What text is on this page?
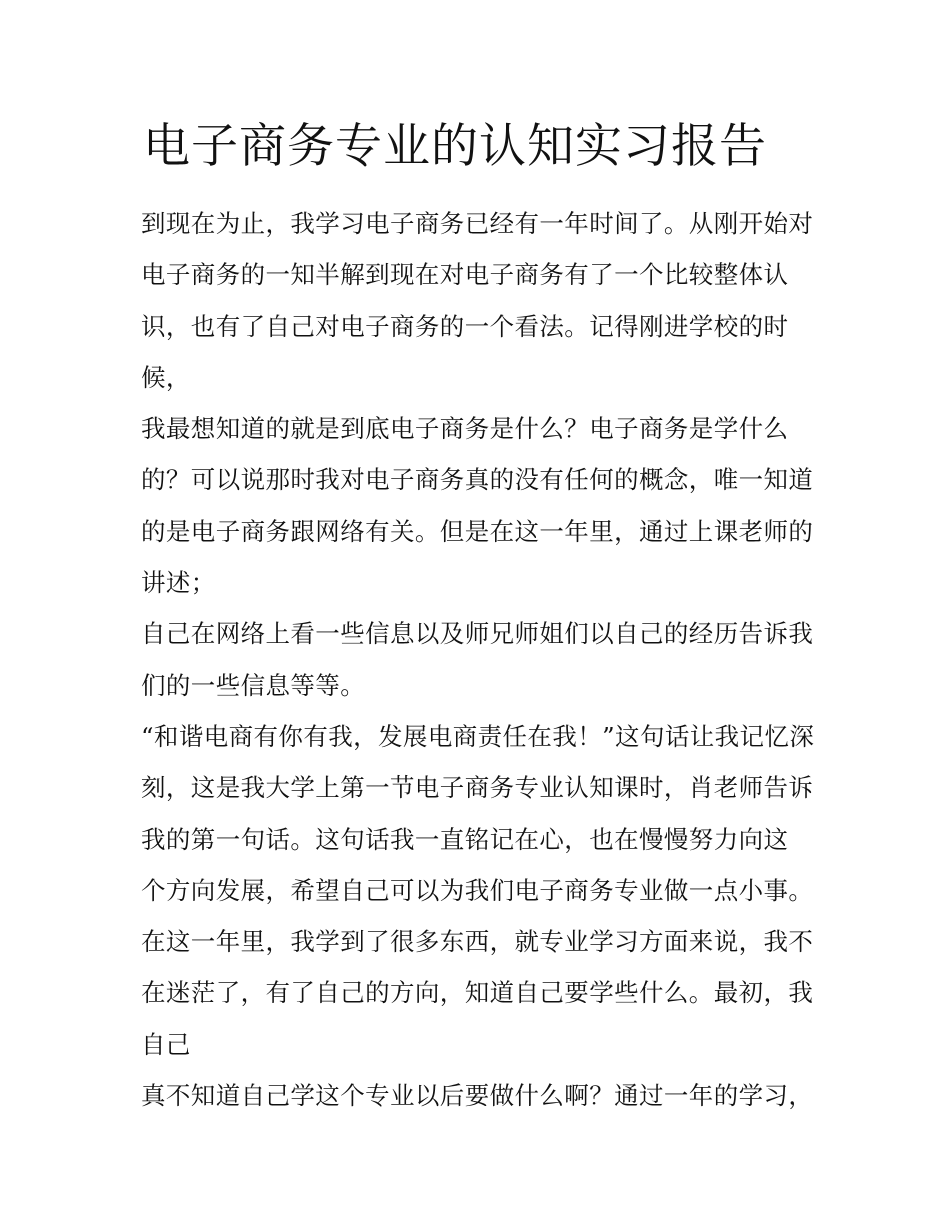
电子商务专业的认知实习报告
到现在为止，我学习电子商务已经有一年时间了。从刚开始对
电子商务的一知半解到现在对电子商务有了一个比较整体认
识，也有了自己对电子商务的一个看法。记得刚进学校的时
候，
我最想知道的就是到底电子商务是什么？电子商务是学什么
的？可以说那时我对电子商务真的没有任何的概念，唯一知道
的是电子商务跟网络有关。但是在这一年里，通过上课老师的
讲述；
自己在网络上看一些信息以及师兄师姐们以自己的经历告诉我
们的一些信息等等。
“和谐电商有你有我，发展电商责任在我！”这句话让我记忆深
刻，这是我大学上第一节电子商务专业认知课时，肖老师告诉
我的第一句话。这句话我一直铭记在心，也在慢慢努力向这
个方向发展，希望自己可以为我们电子商务专业做一点小事。
在这一年里，我学到了很多东西，就专业学习方面来说，我不
在迷茫了，有了自己的方向，知道自己要学些什么。最初，我
自己
真不知道自己学这个专业以后要做什么啊？通过一年的学习，
